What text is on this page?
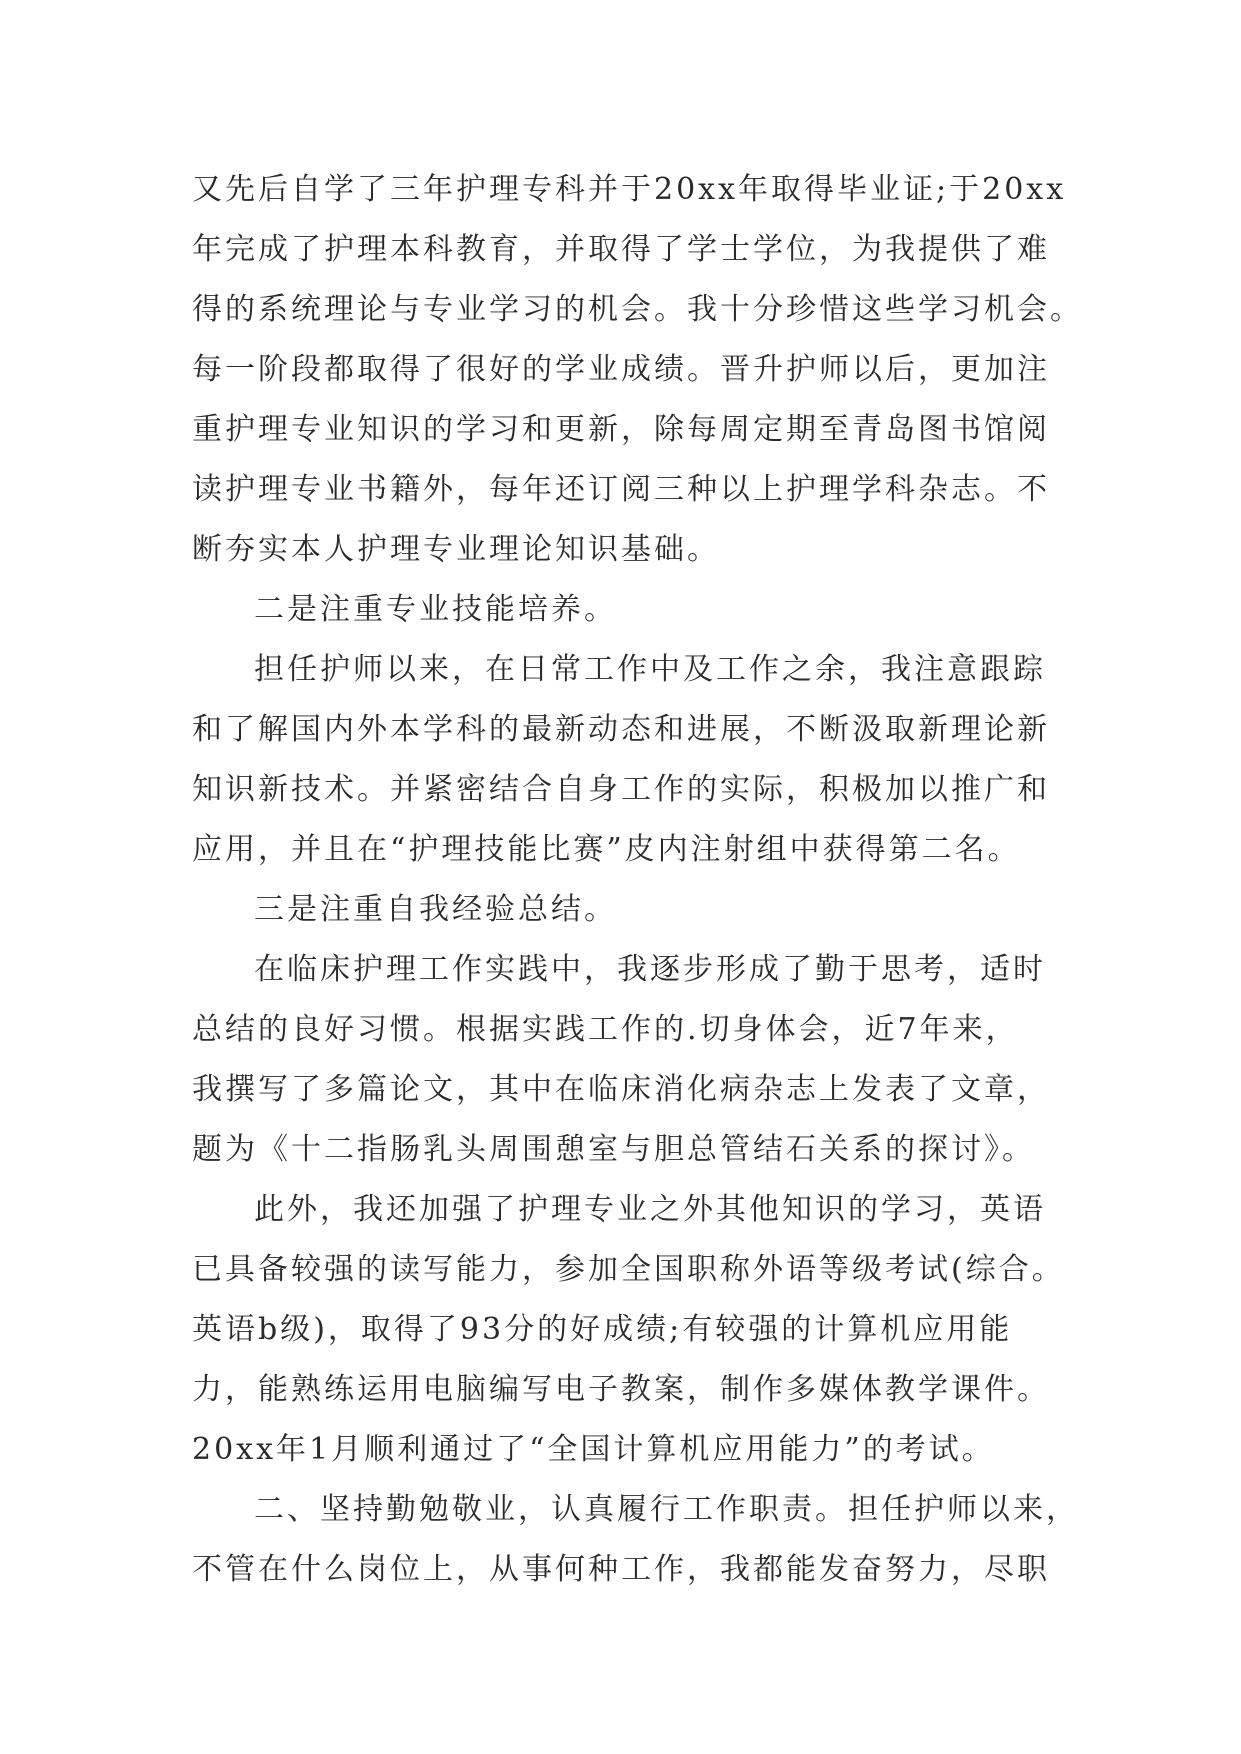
又先后自学了三年护理专科并于20xx年取得毕业证;于20xx
年完成了护理本科教育，并取得了学士学位，为我提供了难
得的系统理论与专业学习的机会。我十分珍惜这些学习机会。
每一阶段都取得了很好的学业成绩。晋升护师以后，更加注
重护理专业知识的学习和更新，除每周定期至青岛图书馆阅
读护理专业书籍外，每年还订阅三种以上护理学科杂志。不
断夯实本人护理专业理论知识基础。
二是注重专业技能培养。
担任护师以来，在日常工作中及工作之余，我注意跟踪
和了解国内外本学科的最新动态和进展，不断汲取新理论新
知识新技术。并紧密结合自身工作的实际，积极加以推广和
应用，并且在“护理技能比赛”皮内注射组中获得第二名。
三是注重自我经验总结。
在临床护理工作实践中，我逐步形成了勤于思考，适时
总结的良好习惯。根据实践工作的.切身体会，近7年来，
我撰写了多篇论文，其中在临床消化病杂志上发表了文章，
题为《十二指肠乳头周围憩室与胆总管结石关系的探讨》。
此外，我还加强了护理专业之外其他知识的学习，英语
已具备较强的读写能力，参加全国职称外语等级考试(综合。
英语b级)，取得了93分的好成绩;有较强的计算机应用能
力，能熟练运用电脑编写电子教案，制作多媒体教学课件。
20xx年1月顺利通过了“全国计算机应用能力”的考试。
二、坚持勤勉敬业，认真履行工作职责。担任护师以来，
不管在什么岗位上，从事何种工作，我都能发奋努力，尽职
